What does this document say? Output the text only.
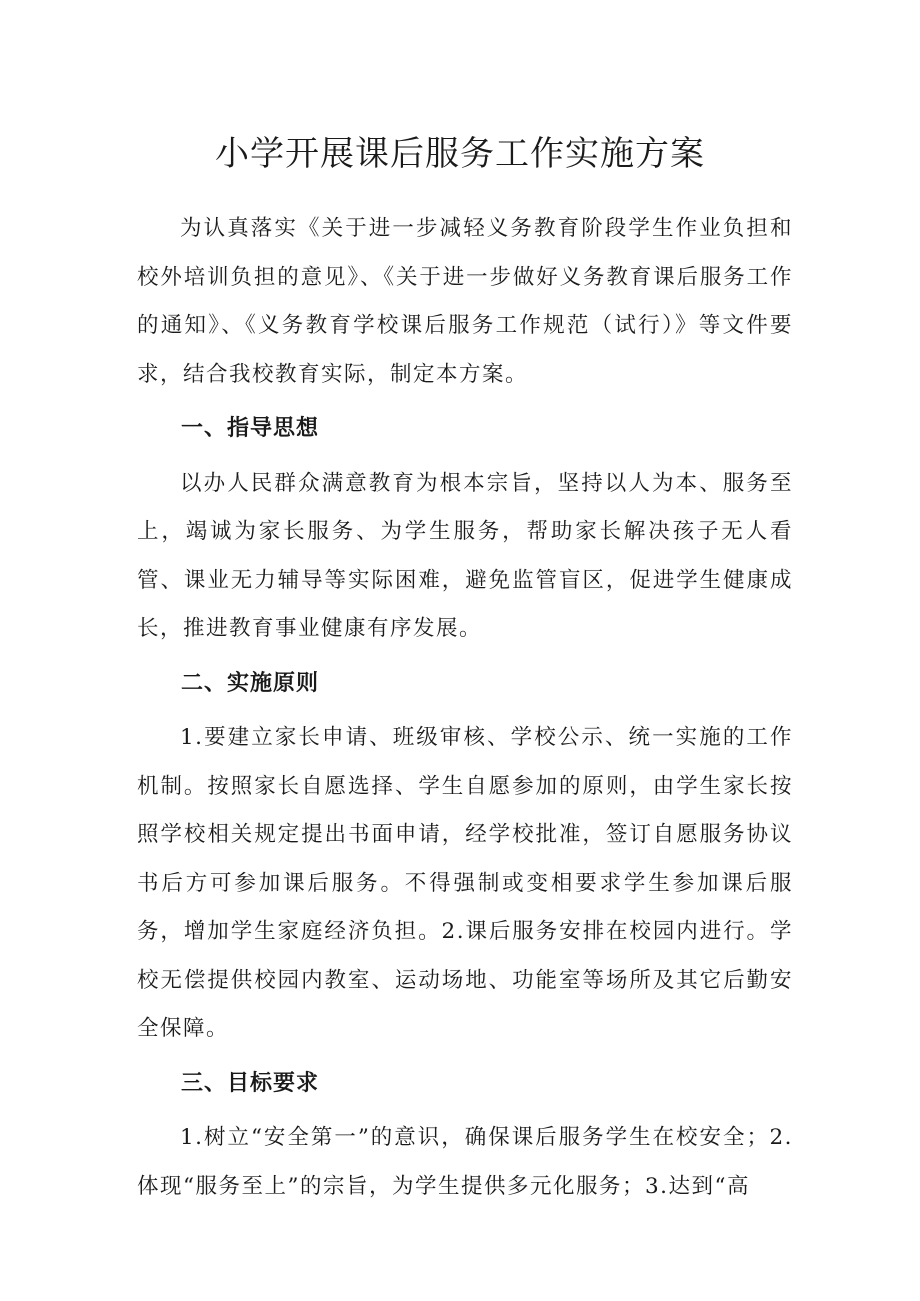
小学开展课后服务工作实施方案

为认真落实《关于进一步减轻义务教育阶段学生作业负担和校外培训负担的意见》、《关于进一步做好义务教育课后服务工作的通知》、《义务教育学校课后服务工作规范（试行）》等文件要求，结合我校教育实际，制定本方案。

一、指导思想

以办人民群众满意教育为根本宗旨，坚持以人为本、服务至上，竭诚为家长服务、为学生服务，帮助家长解决孩子无人看管、课业无力辅导等实际困难，避免监管盲区，促进学生健康成长，推进教育事业健康有序发展。

二、实施原则

1.要建立家长申请、班级审核、学校公示、统一实施的工作机制。按照家长自愿选择、学生自愿参加的原则，由学生家长按照学校相关规定提出书面申请，经学校批准，签订自愿服务协议书后方可参加课后服务。不得强制或变相要求学生参加课后服务，增加学生家庭经济负担。2.课后服务安排在校园内进行。学校无偿提供校园内教室、运动场地、功能室等场所及其它后勤安全保障。

三、目标要求

1.树立“安全第一”的意识，确保课后服务学生在校安全；2.体现“服务至上”的宗旨，为学生提供多元化服务；3.达到“高
